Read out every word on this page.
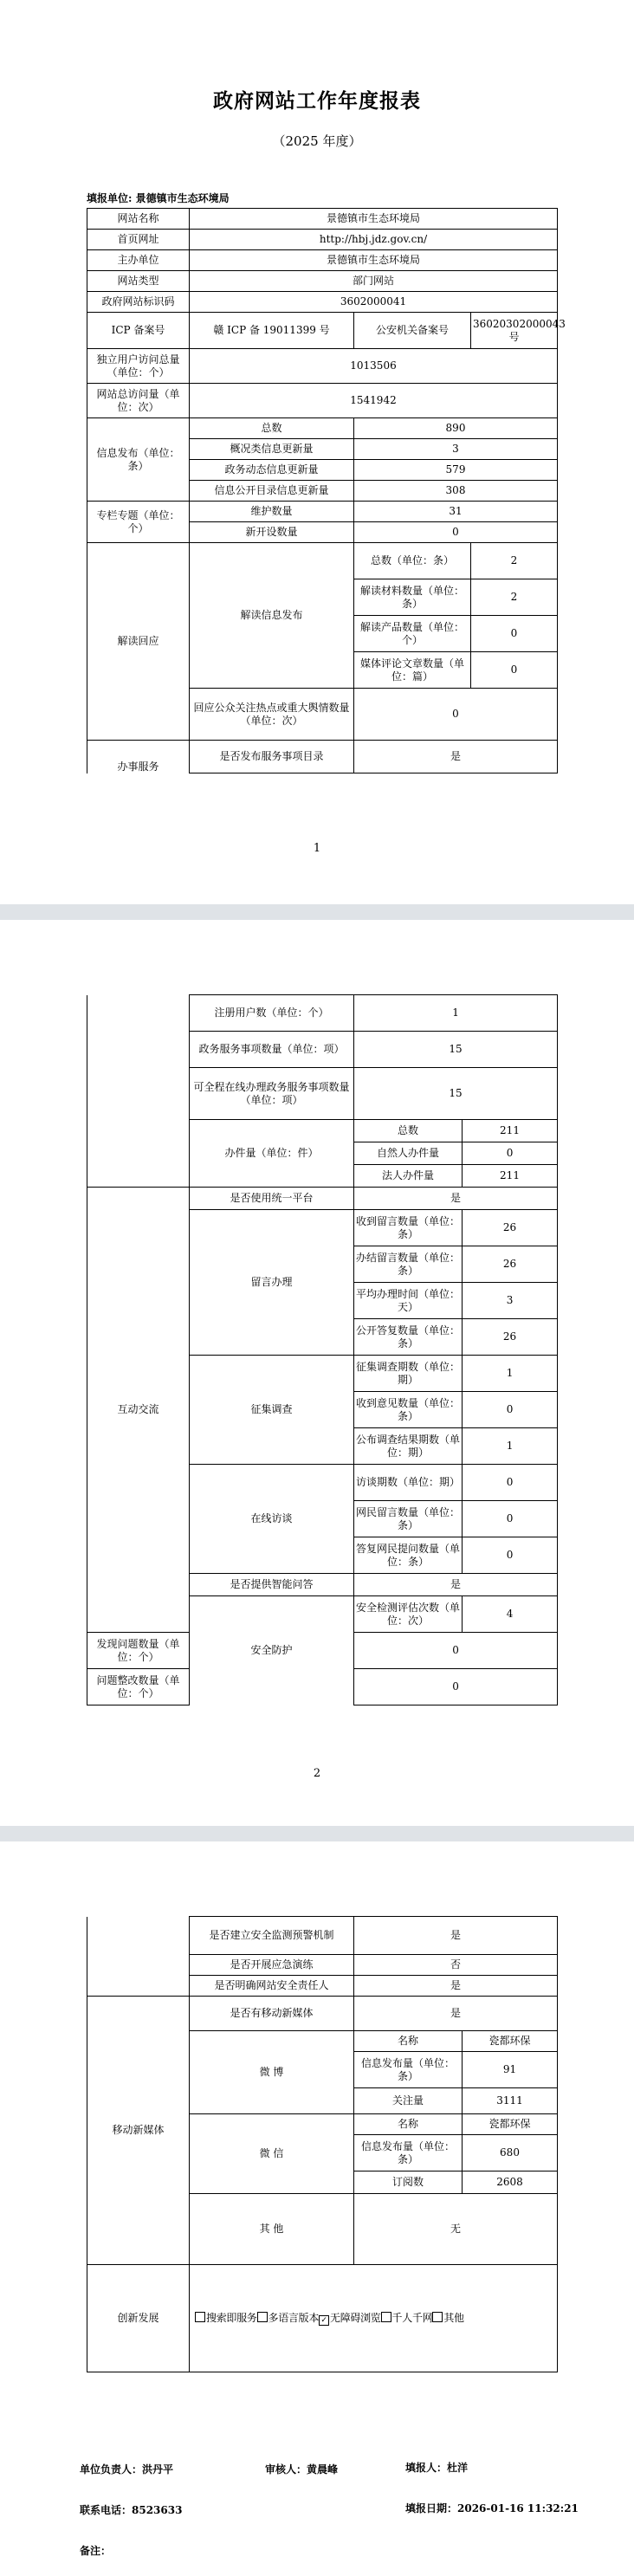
政府网站工作年度报表
（2025 年度）
填报单位: 景德镇市生态环境局
网站名称	景德镇市生态环境局		
首页网址	http://hbj.jdz.gov.cn/		
主办单位	景德镇市生态环境局		
网站类型	部门网站		
政府网站标识码	3602000041		
ICP 备案号	赣 ICP 备 19011399 号	公安机关备案号	36020302000043 号
独立用户访问总量（单位：个）	1013506		
网站总访问量（单位：次）	1541942		
信息发布（单位：条）	总数	890	
	概况类信息更新量	3	
	政务动态信息更新量	579	
	信息公开目录信息更新量	308	
专栏专题（单位：个）	维护数量	31	
	新开设数量	0	
解读回应	解读信息发布	总数（单位：条）	2
		解读材料数量（单位：条）	2
		解读产品数量（单位：个）	0
		媒体评论文章数量（单位：篇）	0
	回应公众关注热点或重大舆情数量（单位：次）	0	
办事服务	是否发布服务事项目录	是	
1
	注册用户数（单位：个）	1	
	政务服务事项数量（单位：项）	15	
	可全程在线办理政务服务事项数量（单位：项）	15	
	办件量（单位：件）	总数	211
		自然人办件量	0
		法人办件量	211
互动交流	是否使用统一平台	是	
	留言办理	收到留言数量（单位：条）	26
		办结留言数量（单位：条）	26
		平均办理时间（单位：天）	3
		公开答复数量（单位：条）	26
	征集调查	征集调查期数（单位：期）	1
		收到意见数量（单位：条）	0
		公布调查结果期数（单位：期）	1
	在线访谈	访谈期数（单位：期）	0
		网民留言数量（单位：条）	0
		答复网民提问数量（单位：条）	0
	是否提供智能问答	是	
	安全防护	安全检测评估次数（单位：次）	4
发现问题数量（单位：个）		0	
问题整改数量（单位：个）		0	
2
	是否建立安全监测预警机制	是	
	是否开展应急演练	否	
	是否明确网站安全责任人	是	
移动新媒体	是否有移动新媒体	是	
	微 博	名称	瓷都环保
		信息发布量（单位：条）	91
		关注量	3111
	微 信	名称	瓷都环保
		信息发布量（单位：条）	680
		订阅数	2608
	其 他	无	
创新发展	搜索即服务 多语言版本 ✓ 无障碍浏览 千人千网 其他		
单位负责人：洪丹平	审核人：黄晨峰	填报人：杜洋
联系电话：8523633	填报日期：2026-01-16 11:32:21
备注：
